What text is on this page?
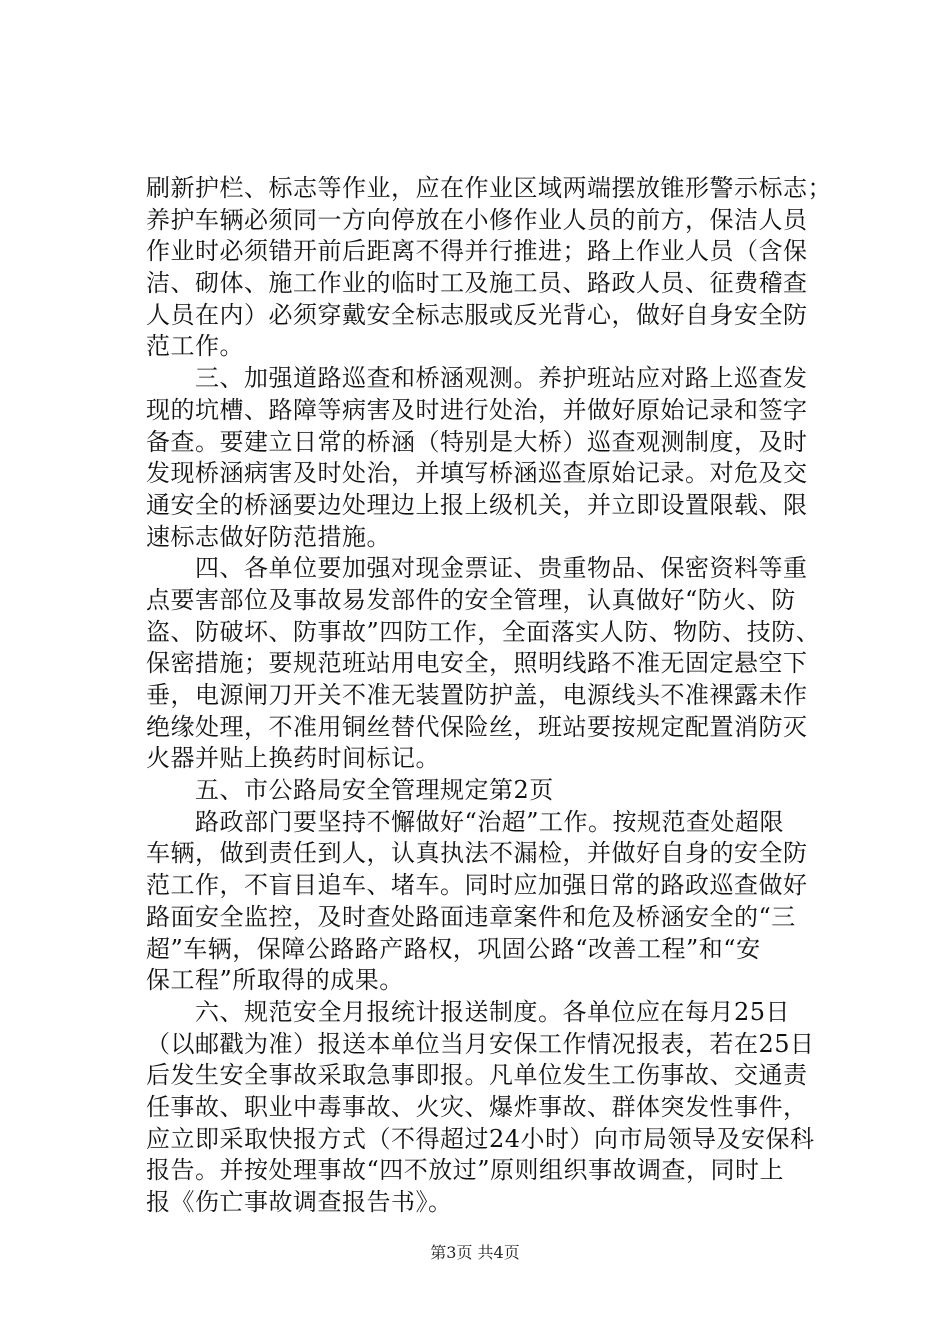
刷新护栏、标志等作业，应在作业区域两端摆放锥形警示标志；
养护车辆必须同一方向停放在小修作业人员的前方，保洁人员
作业时必须错开前后距离不得并行推进；路上作业人员（含保
洁、砌体、施工作业的临时工及施工员、路政人员、征费稽查
人员在内）必须穿戴安全标志服或反光背心，做好自身安全防
范工作。
　　三、加强道路巡查和桥涵观测。养护班站应对路上巡查发
现的坑槽、路障等病害及时进行处治，并做好原始记录和签字
备查。要建立日常的桥涵（特别是大桥）巡查观测制度，及时
发现桥涵病害及时处治，并填写桥涵巡查原始记录。对危及交
通安全的桥涵要边处理边上报上级机关，并立即设置限载、限
速标志做好防范措施。
　　四、各单位要加强对现金票证、贵重物品、保密资料等重
点要害部位及事故易发部件的安全管理，认真做好“防火、防
盗、防破坏、防事故”四防工作，全面落实人防、物防、技防、
保密措施；要规范班站用电安全，照明线路不准无固定悬空下
垂，电源闸刀开关不准无装置防护盖，电源线头不准裸露未作
绝缘处理，不准用铜丝替代保险丝，班站要按规定配置消防灭
火器并贴上换药时间标记。
　　五、市公路局安全管理规定第2页
　　路政部门要坚持不懈做好“治超”工作。按规范查处超限
车辆，做到责任到人，认真执法不漏检，并做好自身的安全防
范工作，不盲目追车、堵车。同时应加强日常的路政巡查做好
路面安全监控，及时查处路面违章案件和危及桥涵安全的“三
超”车辆，保障公路路产路权，巩固公路“改善工程”和“安
保工程”所取得的成果。
　　六、规范安全月报统计报送制度。各单位应在每月25日
（以邮戳为准）报送本单位当月安保工作情况报表，若在25日
后发生安全事故采取急事即报。凡单位发生工伤事故、交通责
任事故、职业中毒事故、火灾、爆炸事故、群体突发性事件，
应立即采取快报方式（不得超过24小时）向市局领导及安保科
报告。并按处理事故“四不放过”原则组织事故调查，同时上
报《伤亡事故调查报告书》。
第3页 共4页
